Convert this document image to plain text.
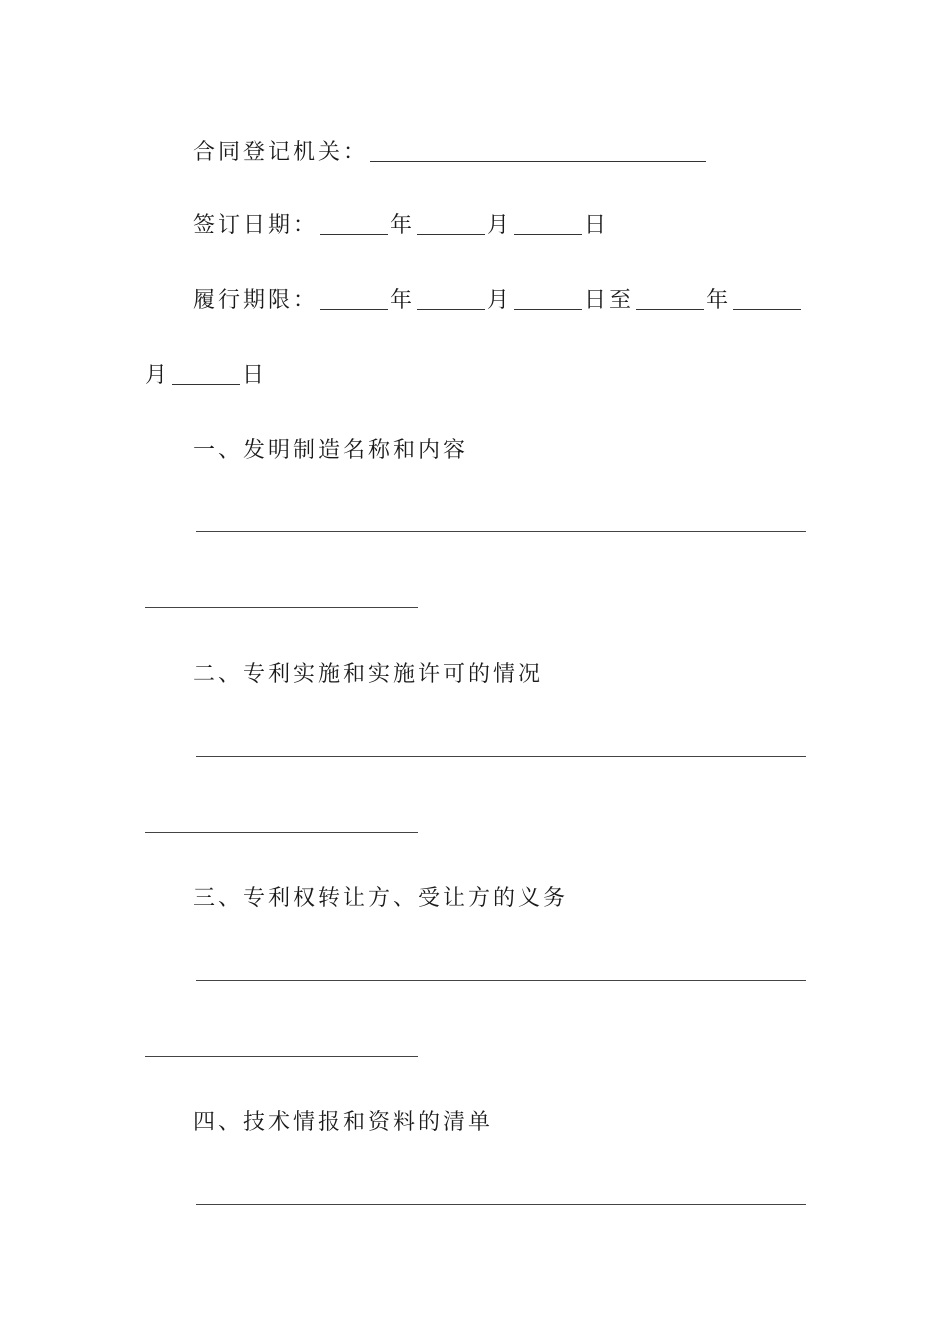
合同登记机关：
签订日期：	年	月	日
履行期限：	年	月	日至	年
月	日
一、发明制造名称和内容
二、专利实施和实施许可的情况
三、专利权转让方、受让方的义务
四、技术情报和资料的清单
